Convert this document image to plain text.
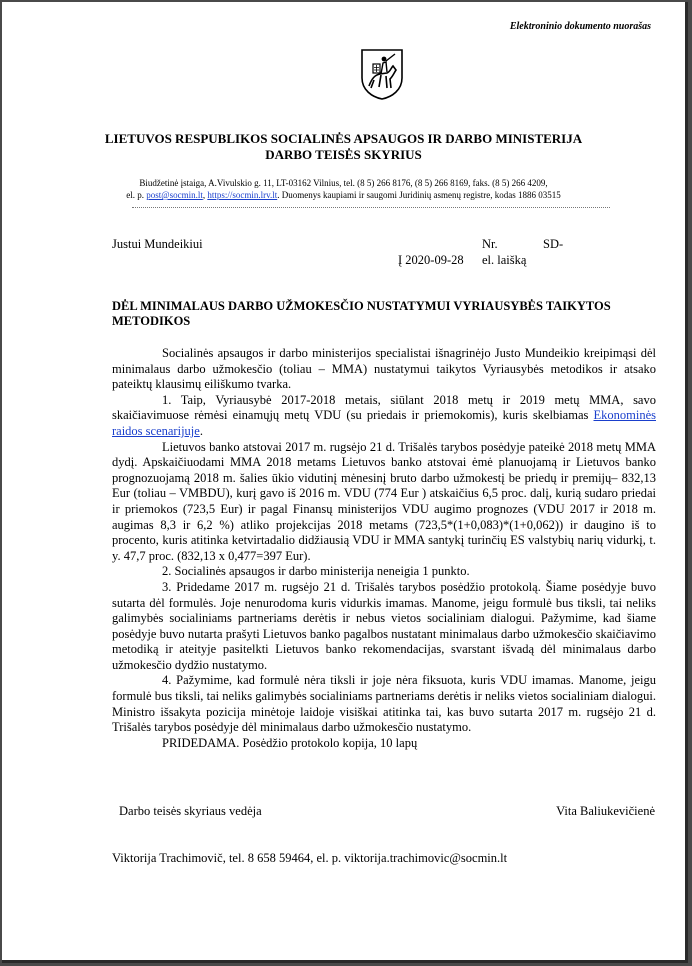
Elektroninio dokumento nuorašas
LIETUVOS RESPUBLIKOS SOCIALINĖS APSAUGOS IR DARBO MINISTERIJA
DARBO TEISĖS SKYRIUS
Biudžetinė įstaiga, A.Vivulskio g. 11, LT-03162 Vilnius, tel. (8 5) 266 8176, (8 5) 266 8169, faks. (8 5) 266 4209,
el. p. post@socmin.lt, https://socmin.lrv.lt. Duomenys kaupiami ir saugomi Juridinių asmenų registre, kodas 1886 03515
Justui Mundeikiui	Nr.	SD-
Į 2020-09-28 el. laišką
DĖL MINIMALAUS DARBO UŽMOKESČIO NUSTATYMUI VYRIAUSYBĖS TAIKYTOS METODIKOS

Socialinės apsaugos ir darbo ministerijos specialistai išnagrinėjo Justo Mundeikio kreipimąsi dėl minimalaus darbo užmokesčio (toliau – MMA) nustatymui taikytos Vyriausybės metodikos ir atsako pateiktų klausimų eiliškumo tvarka.

1. Taip, Vyriausybė 2017-2018 metais, siūlant 2018 metų ir 2019 metų MMA, savo skaičiavimuose rėmėsi einamųjų metų VDU (su priedais ir priemokomis), kuris skelbiamas Ekonominės raidos scenarijuje.

Lietuvos banko atstovai 2017 m. rugsėjo 21 d. Trišalės tarybos posėdyje pateikė 2018 metų MMA dydį. Apskaičiuodami MMA 2018 metams Lietuvos banko atstovai ėmė planuojamą ir Lietuvos banko prognozuojamą 2018 m. šalies ūkio vidutinį mėnesinį bruto darbo užmokestį be priedų ir premijų– 832,13 Eur (toliau – VMBDU), kurį gavo iš 2016 m. VDU (774 Eur ) atskaičius 6,5 proc. dalį, kurią sudaro priedai ir priemokos (723,5 Eur) ir pagal Finansų ministerijos VDU augimo prognozes (VDU 2017 ir 2018 m. augimas 8,3 ir 6,2 %) atliko projekcijas 2018 metams (723,5*(1+0,083)*(1+0,062)) ir daugino iš to procento, kuris atitinka ketvirtadalio didžiausią VDU ir MMA santykį turinčių ES valstybių narių vidurkį, t. y. 47,7 proc. (832,13 x 0,477=397 Eur).

2. Socialinės apsaugos ir darbo ministerija neneigia 1 punkto.

3. Pridedame 2017 m. rugsėjo 21 d. Trišalės tarybos posėdžio protokolą. Šiame posėdyje buvo sutarta dėl formulės. Joje nenurodoma kuris vidurkis imamas. Manome, jeigu formulė bus tiksli, tai neliks galimybės socialiniams partneriams derėtis ir nebus vietos socialiniam dialogui. Pažymime, kad šiame posėdyje buvo nutarta prašyti Lietuvos banko pagalbos nustatant minimalaus darbo užmokesčio skaičiavimo metodiką ir ateityje pasitelkti Lietuvos banko rekomendacijas, svarstant išvadą dėl minimalaus darbo užmokesčio dydžio nustatymo.

4. Pažymime, kad formulė nėra tiksli ir joje nėra fiksuota, kuris VDU imamas. Manome, jeigu formulė bus tiksli, tai neliks galimybės socialiniams partneriams derėtis ir neliks vietos socialiniam dialogui. Ministro išsakyta pozicija minėtoje laidoje visiškai atitinka tai, kas buvo sutarta 2017 m. rugsėjo 21 d. Trišalės tarybos posėdyje dėl minimalaus darbo užmokesčio nustatymo.

PRIDEDAMA. Posėdžio protokolo kopija, 10 lapų

Darbo teisės skyriaus vedėja	Vita Baliukevičienė
Viktorija Trachimovič, tel. 8 658 59464, el. p. viktorija.trachimovic@socmin.lt
